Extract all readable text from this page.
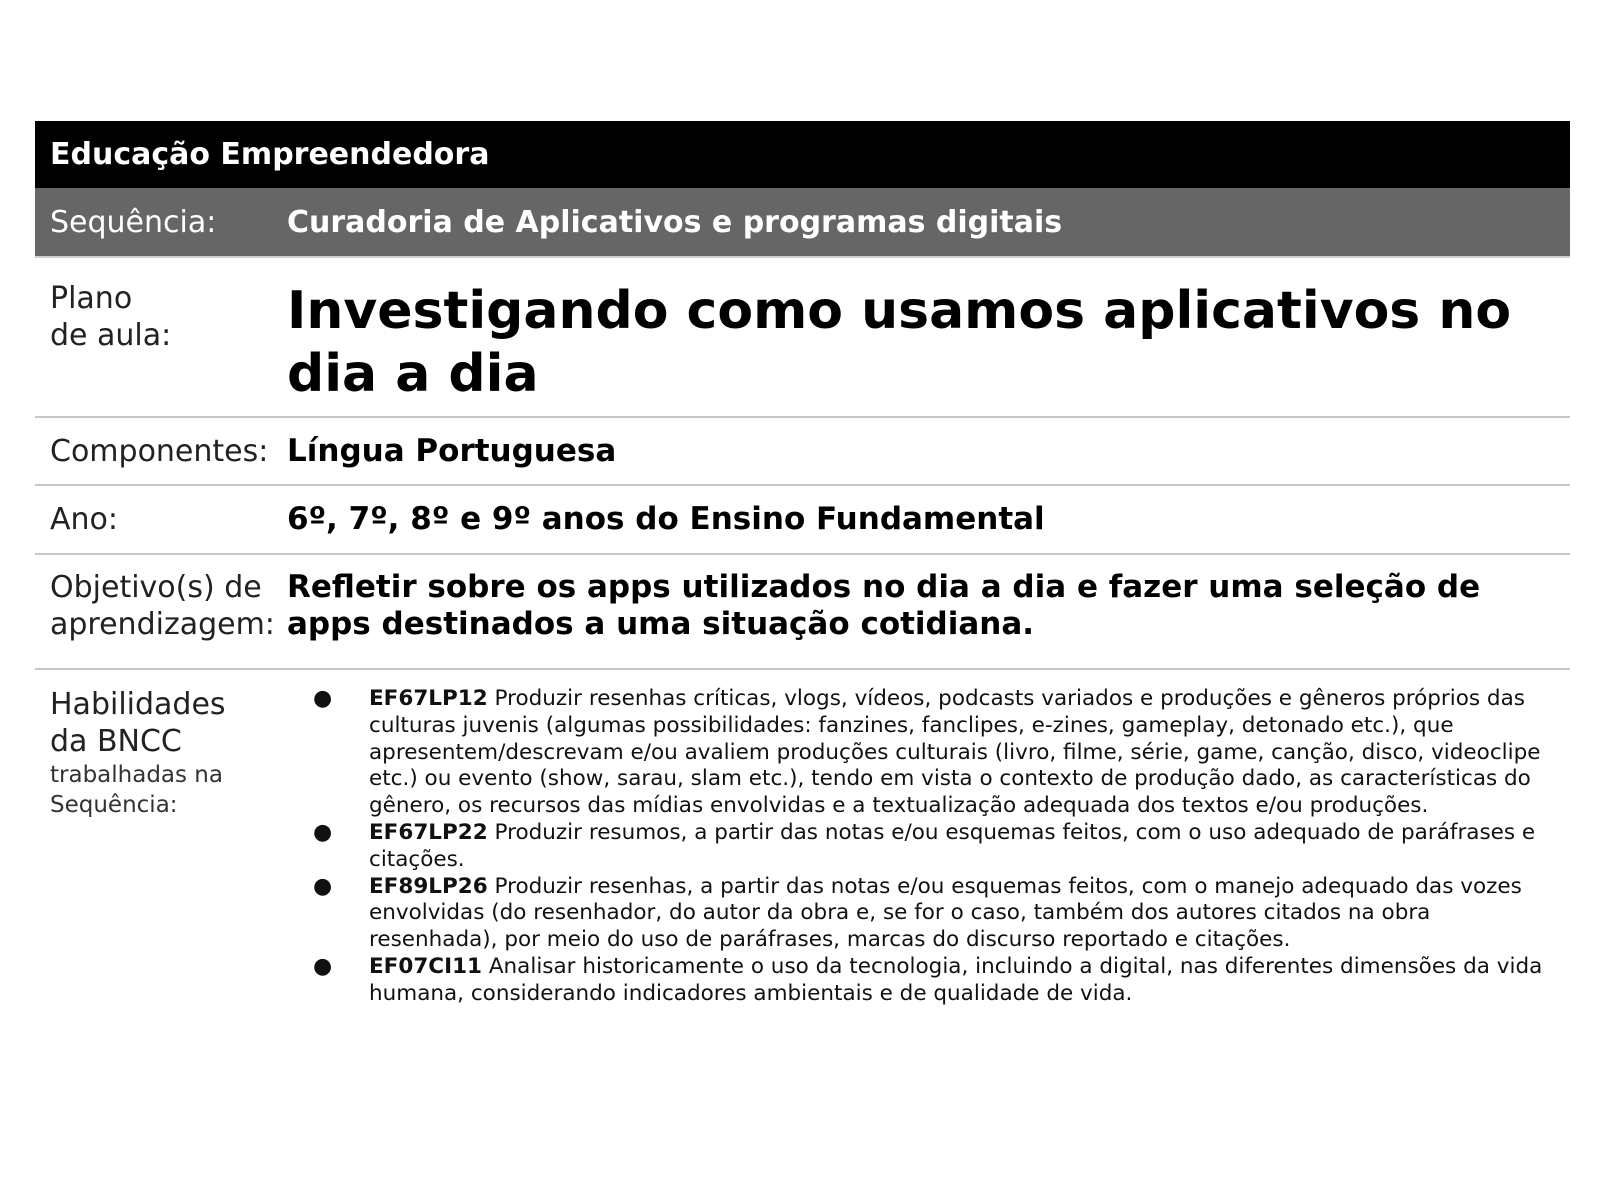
Educação Empreendedora
Sequência:	Curadoria de Aplicativos e programas digitais
Plano
de aula:	Investigando como usamos aplicativos no dia a dia
Componentes: Língua Portuguesa
Ano:	6º, 7º, 8º e 9º anos do Ensino Fundamental
Objetivo(s) de
aprendizagem:
Refletir sobre os apps utilizados no dia a dia e fazer uma seleção de apps destinados a uma situação cotidiana.
Habilidades
da BNCC
trabalhadas na
Sequência:
● EF67LP12 Produzir resenhas críticas, vlogs, vídeos, podcasts variados e produções e gêneros próprios das culturas juvenis (algumas possibilidades: fanzines, fanclipes, e-zines, gameplay, detonado etc.), que apresentem/descrevam e/ou avaliem produções culturais (livro, filme, série, game, canção, disco, videoclipe etc.) ou evento (show, sarau, slam etc.), tendo em vista o contexto de produção dado, as características do gênero, os recursos das mídias envolvidas e a textualização adequada dos textos e/ou produções.
● EF67LP22 Produzir resumos, a partir das notas e/ou esquemas feitos, com o uso adequado de paráfrases e citações.
● EF89LP26 Produzir resenhas, a partir das notas e/ou esquemas feitos, com o manejo adequado das vozes envolvidas (do resenhador, do autor da obra e, se for o caso, também dos autores citados na obra resenhada), por meio do uso de paráfrases, marcas do discurso reportado e citações.
● EF07CI11 Analisar historicamente o uso da tecnologia, incluindo a digital, nas diferentes dimensões da vida humana, considerando indicadores ambientais e de qualidade de vida.
